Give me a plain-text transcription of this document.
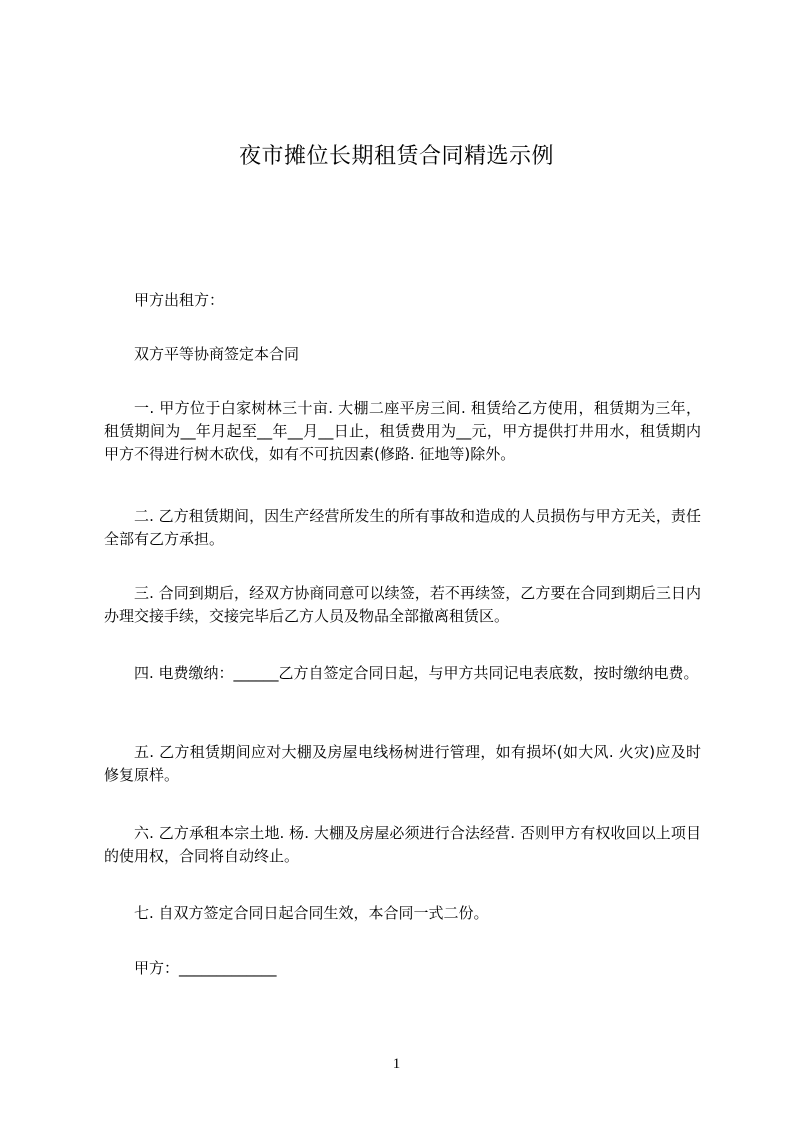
夜市摊位长期租赁合同精选示例

甲方出租方：

双方平等协商签定本合同

一. 甲方位于白家树林三十亩. 大棚二座平房三间. 租赁给乙方使用，租赁期为三年，租赁期间为__年月起至__年__月__日止，租赁费用为__元，甲方提供打井用水，租赁期内甲方不得进行树木砍伐，如有不可抗因素(修路. 征地等)除外。

二. 乙方租赁期间，因生产经营所发生的所有事故和造成的人员损伤与甲方无关，责任全部有乙方承担。

三. 合同到期后，经双方协商同意可以续签，若不再续签，乙方要在合同到期后三日内办理交接手续，交接完毕后乙方人员及物品全部撤离租赁区。

四. 电费缴纳：______乙方自签定合同日起，与甲方共同记电表底数，按时缴纳电费。

五. 乙方租赁期间应对大棚及房屋电线杨树进行管理，如有损坏(如大风. 火灾)应及时修复原样。

六. 乙方承租本宗土地. 杨. 大棚及房屋必须进行合法经营. 否则甲方有权收回以上项目的使用权，合同将自动终止。

七. 自双方签定合同日起合同生效，本合同一式二份。

甲方：_____________

1
